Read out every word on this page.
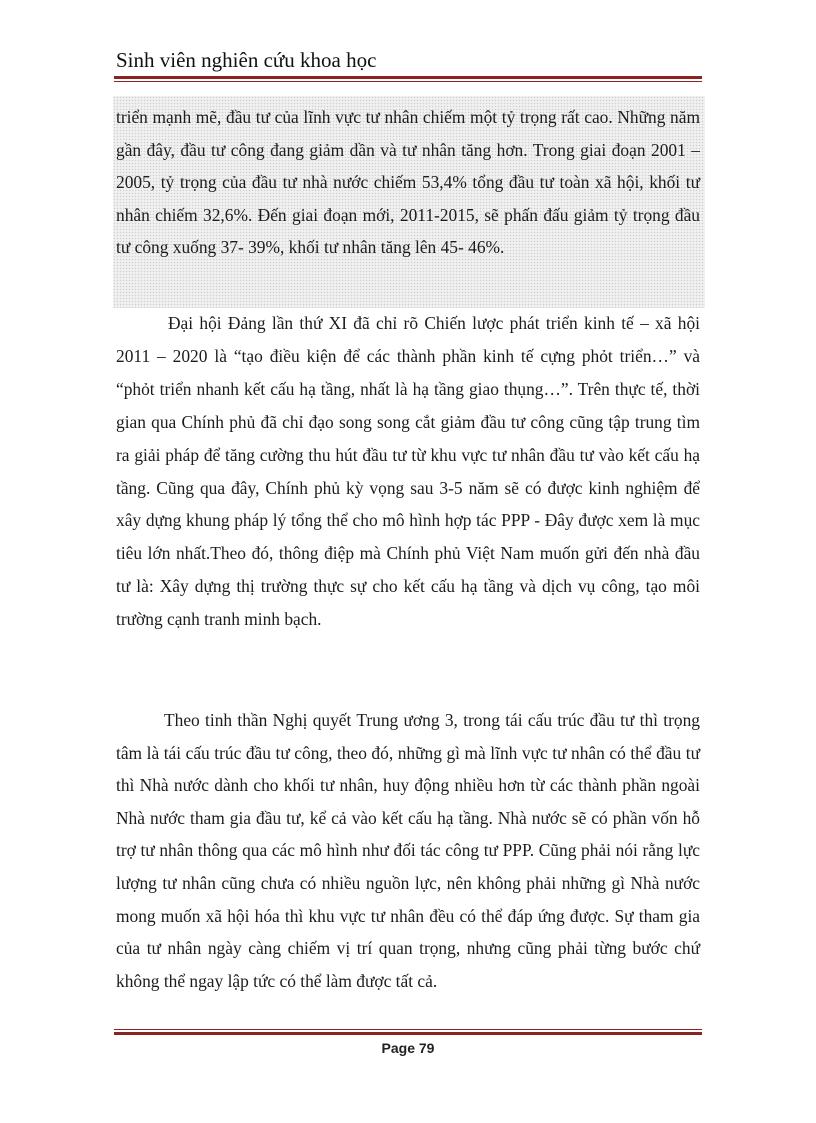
Sinh viên nghiên cứu khoa học

triển mạnh mẽ, đầu tư của lĩnh vực tư nhân chiếm một tỷ trọng rất cao. Những năm gần đây, đầu tư công đang giảm dần và tư nhân tăng hơn. Trong giai đoạn 2001 – 2005, tỷ trọng của đầu tư nhà nước chiếm 53,4% tổng đầu tư toàn xã hội, khối tư nhân chiếm 32,6%. Đến giai đoạn mới, 2011-2015, sẽ phấn đấu giảm tỷ trọng đầu tư công xuống 37- 39%, khối tư nhân tăng lên 45- 46%.

Đại hội Đảng lần thứ XI đã chỉ rõ Chiến lược phát triển kinh tế – xã hội 2011 – 2020 là “tạo điều kiện để các thành phần kinh tế cựng phỏt triển…” và “phỏt triển nhanh kết cấu hạ tầng, nhất là hạ tầng giao thụng…”. Trên thực tế, thời gian qua Chính phủ đã chỉ đạo song song cắt giảm đầu tư công cũng tập trung tìm ra giải pháp để tăng cường thu hút đầu tư từ khu vực tư nhân đầu tư vào kết cấu hạ tầng. Cũng qua đây, Chính phủ kỳ vọng sau 3-5 năm sẽ có được kinh nghiệm để xây dựng khung pháp lý tổng thể cho mô hình hợp tác PPP - Đây được xem là mục tiêu lớn nhất.Theo đó, thông điệp mà Chính phủ Việt Nam muốn gửi đến nhà đầu tư là: Xây dựng thị trường thực sự cho kết cấu hạ tầng và dịch vụ công, tạo môi trường cạnh tranh minh bạch.

Theo tinh thần Nghị quyết Trung ương 3, trong tái cấu trúc đầu tư thì trọng tâm là tái cấu trúc đầu tư công, theo đó, những gì mà lĩnh vực tư nhân có thể đầu tư thì Nhà nước dành cho khối tư nhân, huy động nhiều hơn từ các thành phần ngoài Nhà nước tham gia đầu tư, kể cả vào kết cấu hạ tầng. Nhà nước sẽ có phần vốn hỗ trợ tư nhân thông qua các mô hình như đối tác công tư PPP. Cũng phải nói rằng lực lượng tư nhân cũng chưa có nhiều nguồn lực, nên không phải những gì Nhà nước mong muốn xã hội hóa thì khu vực tư nhân đều có thể đáp ứng được. Sự tham gia của tư nhân ngày càng chiếm vị trí quan trọng, nhưng cũng phải từng bước chứ không thể ngay lập tức có thể làm được tất cả.

Page 79
